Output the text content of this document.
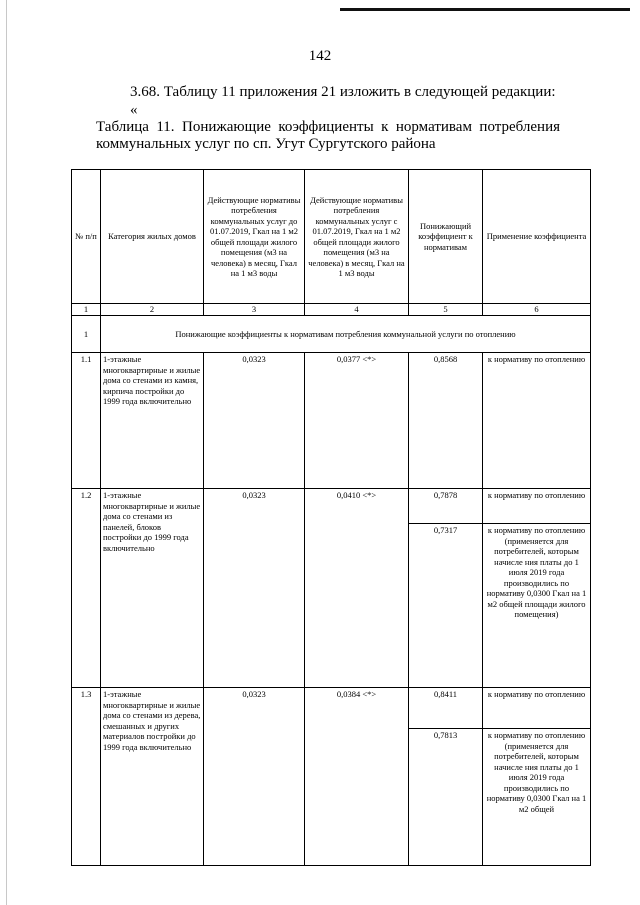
142
3.68. Таблицу 11 приложения 21 изложить в следующей редакции:
«
Таблица 11. Понижающие коэффициенты к нормативам потребления коммунальных услуг по сп. Угут Сургутского района
№ п/п	Категория жилых домов	Действующие нормативы потребления коммунальных услуг до 01.07.2019, Гкал на 1 м2 общей площади жилого помещения (м3 на человека) в месяц, Гкал на 1 м3 воды	Действующие нормативы потребления коммунальных услуг с 01.07.2019, Гкал на 1 м2 общей площади жилого помещения (м3 на человека) в месяц, Гкал на 1 м3 воды	Понижающий коэффициент к нормативам	Применение коэффициента
1	2	3	4	5	6
1	Понижающие коэффициенты к нормативам потребления коммунальной услуги по отоплению				
1.1	1-этажные многоквартирные и жилые дома со стенами из камня, кирпича постройки до 1999 года включительно	0,0323	0,0377 <*>	0,8568	к нормативу по отоплению
1.2	1-этажные многоквартирные и жилые дома со стенами из панелей, блоков постройки до 1999 года включительно	0,0323	0,0410 <*>	0,7878	к нормативу по отоплению
				0,7317	к нормативу по отоплению (применяется для потребителей, которым начисле ния платы до 1 июля 2019 года производились по нормативу 0,0300 Гкал на 1 м2 общей площади жилого помещения)
1.3	1-этажные многоквартирные и жилые дома со стенами из дерева, смешанных и других материалов постройки до 1999 года включительно	0,0323	0,0384 <*>	0,8411	к нормативу по отоплению
				0,7813	к нормативу по отоплению (применяется для потребителей, которым начисле ния платы до 1 июля 2019 года производились по нормативу 0,0300 Гкал на 1 м2 общей
